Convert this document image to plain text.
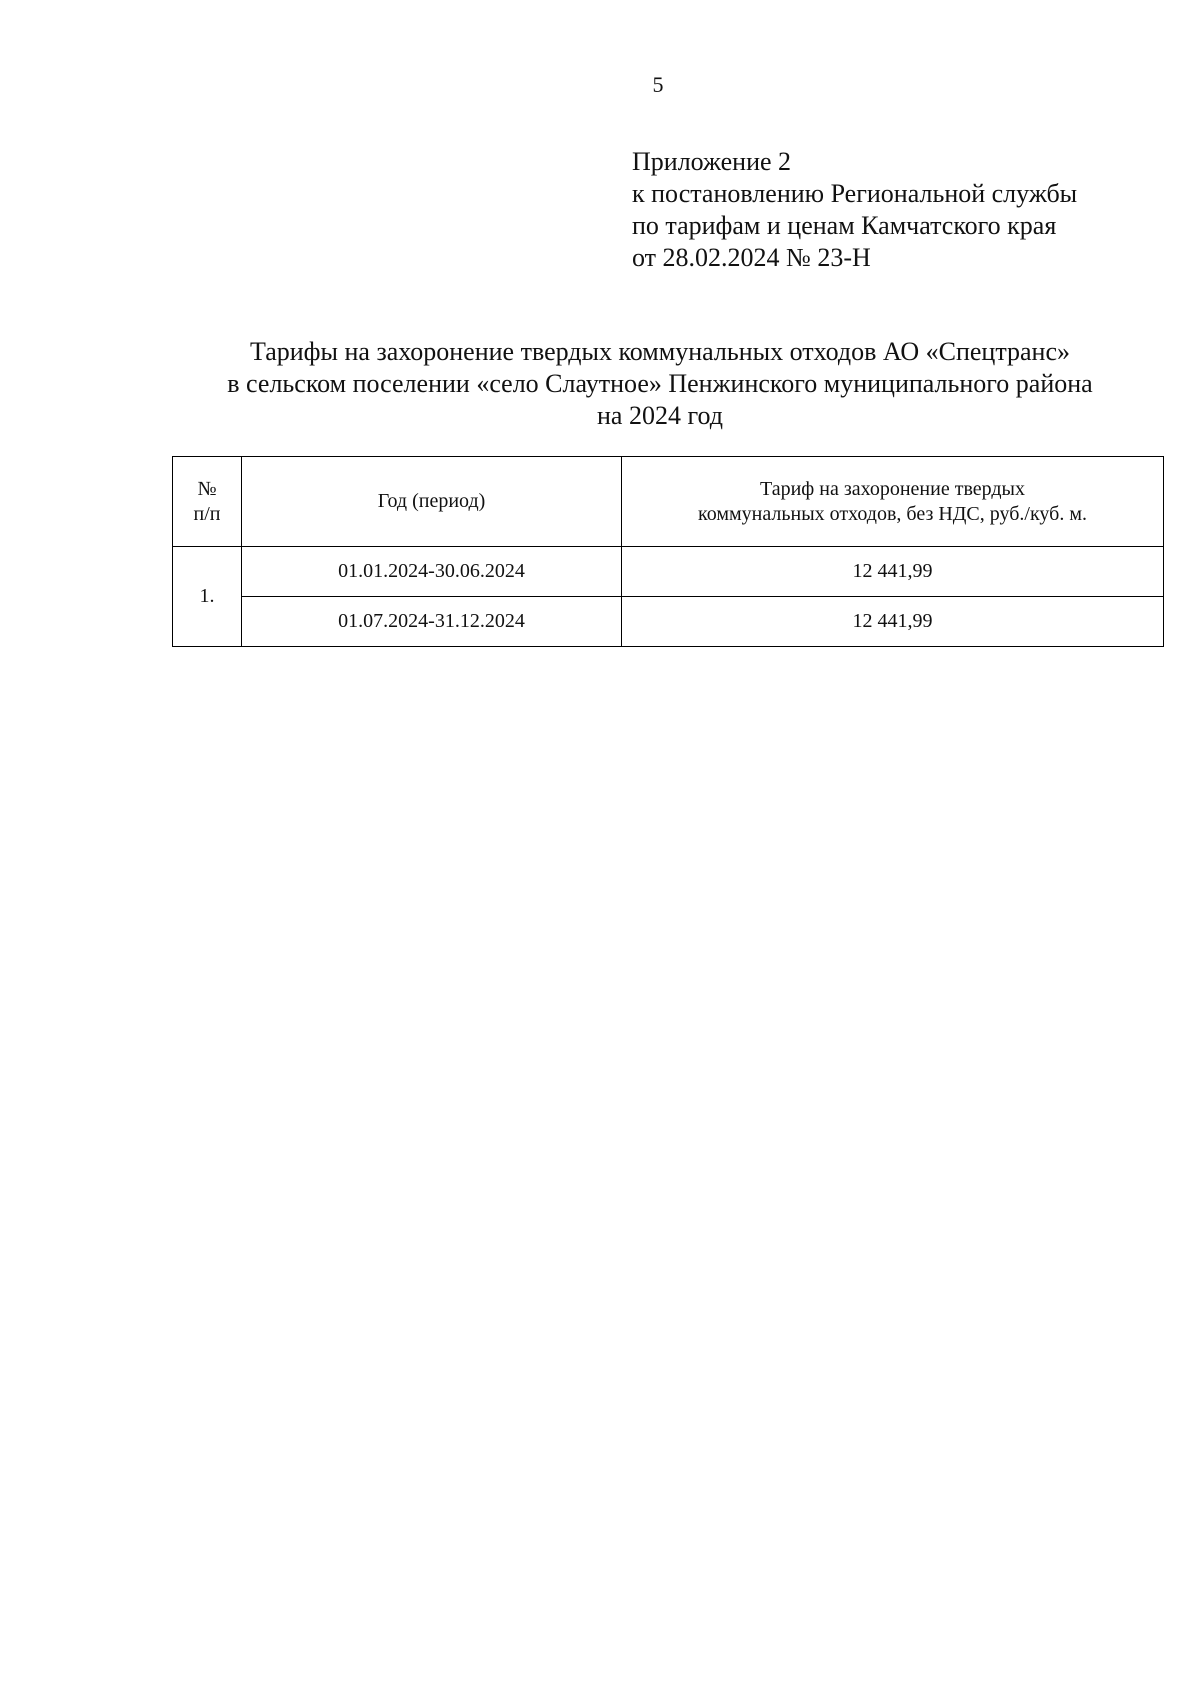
5
Приложение 2
к постановлению Региональной службы
по тарифам и ценам Камчатского края
от 28.02.2024 № 23-Н
Тарифы на захоронение твердых коммунальных отходов АО «Спецтранс»
в сельском поселении «село Слаутное» Пенжинского муниципального района
на 2024 год
№
п/п	Год (период)	Тариф на захоронение твердых
коммунальных отходов, без НДС, руб./куб. м.
1.	01.01.2024-30.06.2024	12 441,99
	01.07.2024-31.12.2024	12 441,99
